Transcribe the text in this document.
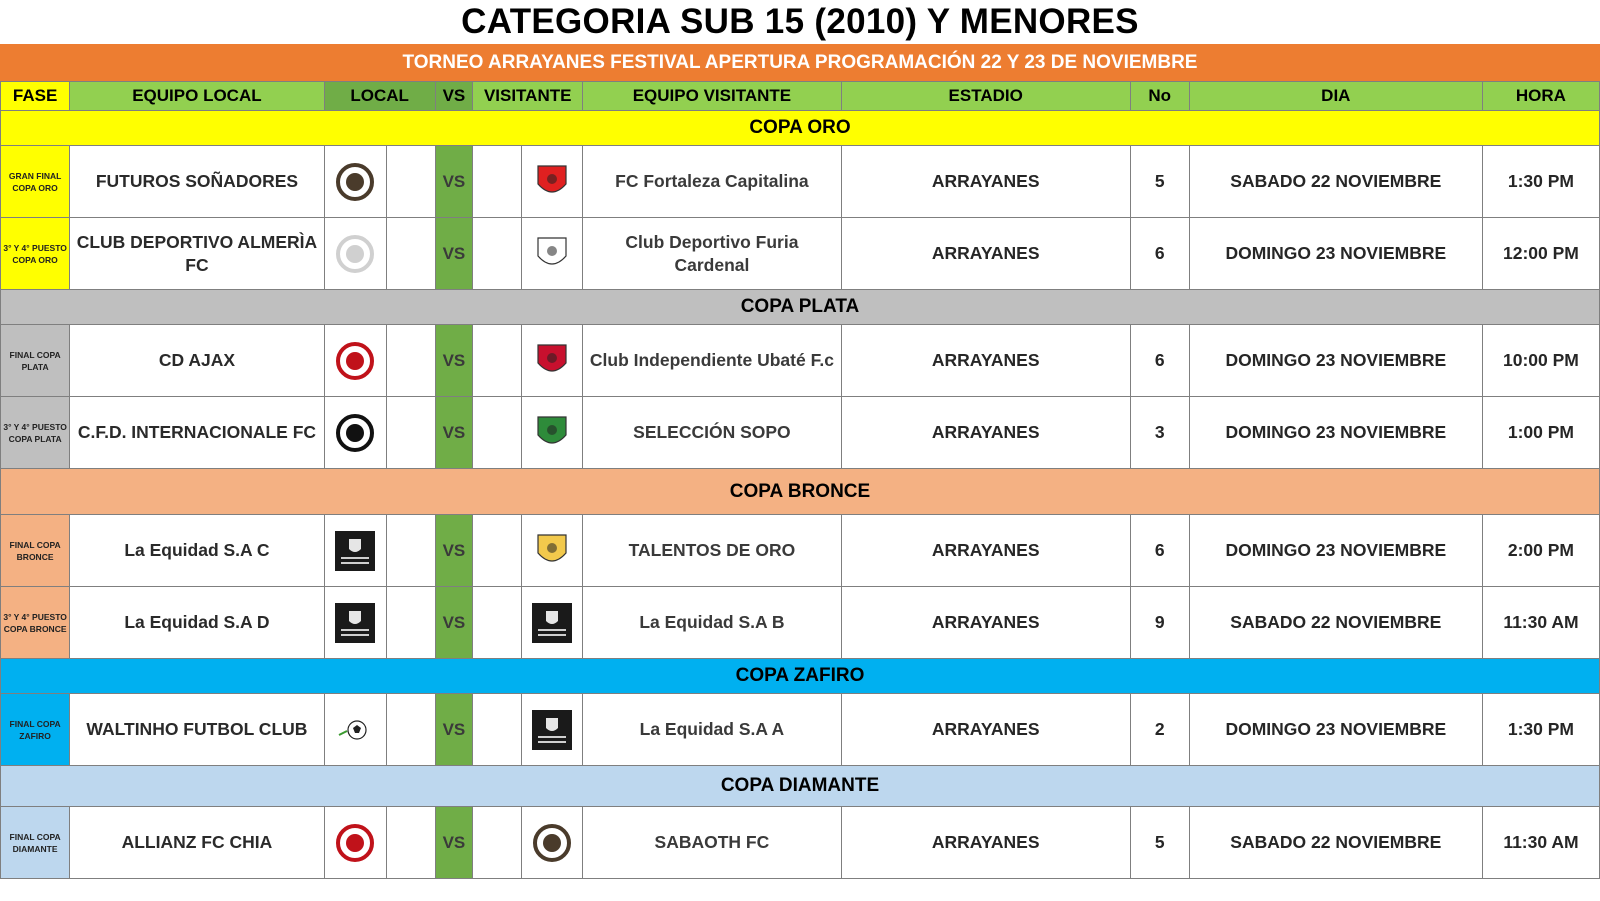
CATEGORIA SUB 15 (2010) Y MENORES
TORNEO ARRAYANES FESTIVAL APERTURA PROGRAMACIÓN 22 Y 23 DE NOVIEMBRE
FASE	EQUIPO LOCAL	LOCAL		VS	VISITANTE		EQUIPO VISITANTE	ESTADIO	No	DIA	HORA
COPA ORO											
GRAN FINAL COPA ORO	FUTUROS SOÑADORES			VS			FC Fortaleza Capitalina	ARRAYANES	5	SABADO 22 NOVIEMBRE	1:30 PM
3° Y 4° PUESTO COPA ORO	CLUB DEPORTIVO ALMERÌA FC			VS			Club Deportivo Furia Cardenal	ARRAYANES	6	DOMINGO 23 NOVIEMBRE	12:00 PM
COPA PLATA											
FINAL COPA PLATA	CD AJAX			VS			Club Independiente Ubaté F.c	ARRAYANES	6	DOMINGO 23 NOVIEMBRE	10:00 PM
3° Y 4° PUESTO COPA PLATA	C.F.D. INTERNACIONALE FC			VS			SELECCIÓN SOPO	ARRAYANES	3	DOMINGO 23 NOVIEMBRE	1:00 PM
COPA BRONCE											
FINAL COPA BRONCE	La Equidad S.A C			VS			TALENTOS DE ORO	ARRAYANES	6	DOMINGO 23 NOVIEMBRE	2:00 PM
3° Y 4° PUESTO COPA BRONCE	La Equidad S.A D			VS			La Equidad S.A B	ARRAYANES	9	SABADO 22 NOVIEMBRE	11:30 AM
COPA ZAFIRO											
FINAL COPA ZAFIRO	WALTINHO FUTBOL CLUB			VS			La Equidad S.A A	ARRAYANES	2	DOMINGO 23 NOVIEMBRE	1:30 PM
COPA DIAMANTE											
FINAL COPA DIAMANTE	ALLIANZ FC CHIA			VS			SABAOTH FC	ARRAYANES	5	SABADO 22 NOVIEMBRE	11:30 AM
